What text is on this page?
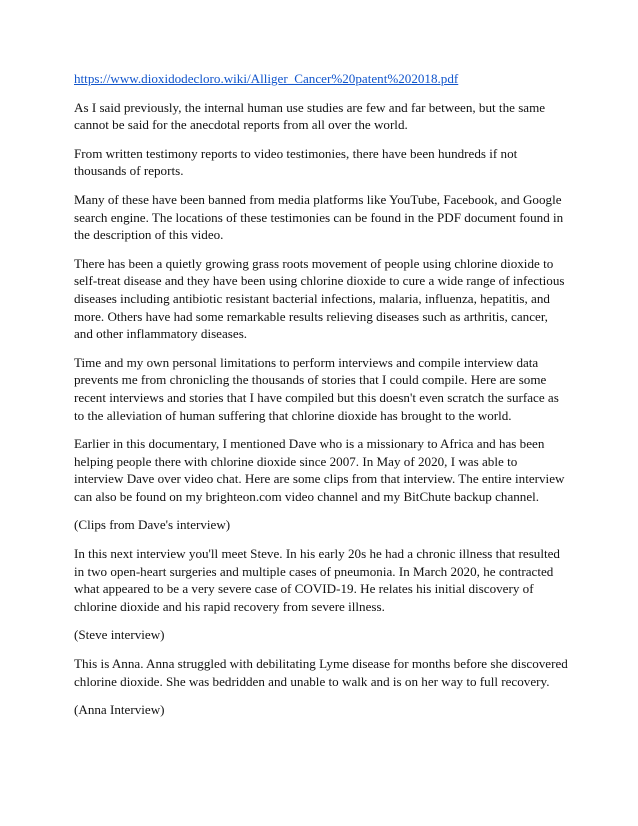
https://www.dioxidodecloro.wiki/Alliger_Cancer%20patent%202018.pdf

As I said previously, the internal human use studies are few and far between, but the same cannot be said for the anecdotal reports from all over the world.

From written testimony reports to video testimonies, there have been hundreds if not thousands of reports.

Many of these have been banned from media platforms like YouTube, Facebook, and Google search engine. The locations of these testimonies can be found in the PDF document found in the description of this video.

There has been a quietly growing grass roots movement of people using chlorine dioxide to self-treat disease and they have been using chlorine dioxide to cure a wide range of infectious diseases including antibiotic resistant bacterial infections, malaria, influenza, hepatitis, and more. Others have had some remarkable results relieving diseases such as arthritis, cancer, and other inflammatory diseases.

Time and my own personal limitations to perform interviews and compile interview data prevents me from chronicling the thousands of stories that I could compile. Here are some recent interviews and stories that I have compiled but this doesn't even scratch the surface as to the alleviation of human suffering that chlorine dioxide has brought to the world.

Earlier in this documentary, I mentioned Dave who is a missionary to Africa and has been helping people there with chlorine dioxide since 2007. In May of 2020, I was able to interview Dave over video chat. Here are some clips from that interview. The entire interview can also be found on my brighteon.com video channel and my BitChute backup channel.

(Clips from Dave's interview)

In this next interview you'll meet Steve. In his early 20s he had a chronic illness that resulted in two open-heart surgeries and multiple cases of pneumonia. In March 2020, he contracted what appeared to be a very severe case of COVID-19. He relates his initial discovery of chlorine dioxide and his rapid recovery from severe illness.

(Steve interview)

This is Anna. Anna struggled with debilitating Lyme disease for months before she discovered chlorine dioxide. She was bedridden and unable to walk and is on her way to full recovery.

(Anna Interview)
